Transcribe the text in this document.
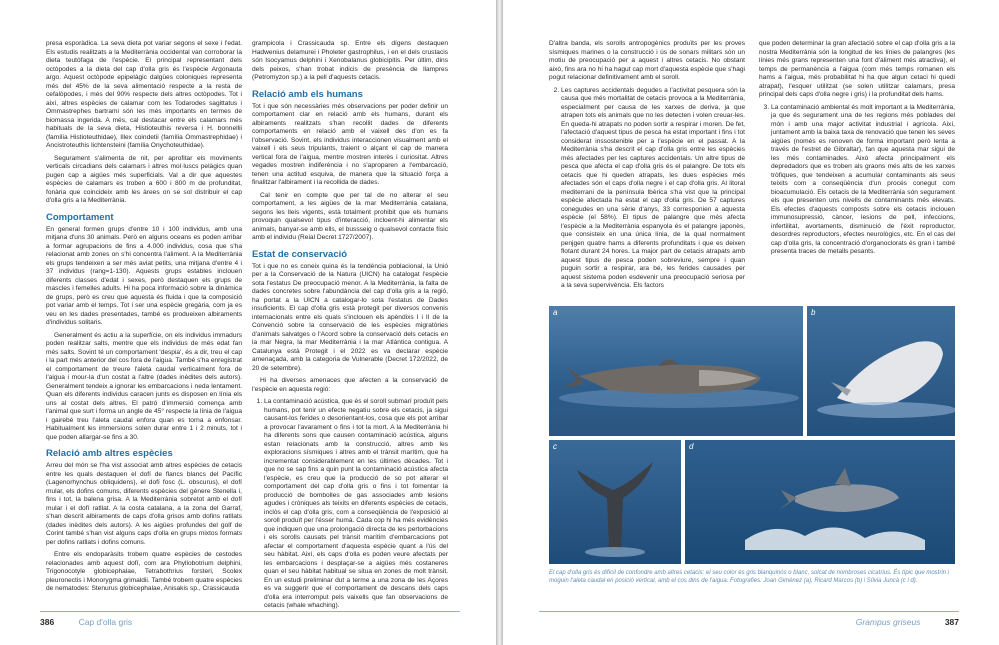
presa esporàdica. La seva dieta pot variar segons el sexe i l'edat. Els estudis realitzats a la Mediterrània occidental van corroborar la dieta teutòfaga de l'espècie. El principal representant dels octòpodes a la dieta del cap d'olla gris és l'espècie Argonauta argo. Aquest octòpode epipelàgic dalgües coloniques representa més del 45% de la seva alimentació respecte a la resta de cefalòpodes, i més del 90% respecte dels altres octòpodes. Tot i així, altres espècies de calamar com les Todarodes sagittatus i Ommastrephes bartrami són les més importants en termes de biomassa ingerida. A més, cal destacar entre els calamars més habituals de la seva dieta, Histioteuthis reversa i H. bonnellii (família Histioteuthidae), Illex coindetii (família Ommastrephidae) i Ancistroteuthis lichtensteini (família Onychoteuthidae).

Segurament s'alimenta de nit, per aprofitar els moviments verticals circadians dels calamars i altres mol·luscs pelàgics quan pugen cap a aigües més superficials. Val a dir que aquestes espècies de calamars es troben a 600 i 800 m de profunditat, fonària que coincideix amb les àrees on se sol distribuir el cap d'olla gris a la Mediterrània.

Comportament

En general formen grups d'entre 10 i 100 individus, amb una mitjana d'uns 30 animals. Però en alguns oceans es poden arribar a formar agrupacions de fins a 4.000 individus, cosa que s'ha relacionat amb zones on s'hi concentra l'aliment. A la Mediterrània els grups tendeixen a ser més aviat petits, una mitjana d'entre 4 i 37 individus (rang=1-130). Aquests grups estables inclouen diferents classes d'edat i sexes, però destaquen els grups de mascles i femelles adults. Hi ha poca informació sobre la dinàmica de grups, però es creu que aquesta és fluida i que la composició pot variar amb el temps. Tot i ser una espècie gregària, com ja es veu en les dades presentades, també es produeixen albiraments d'individus solitaris.

Generalment és actiu a la superfície, on els individus immadurs poden realitzar salts, mentre que els individus de més edat fan més salts. Sovint té un comportament 'despia', és a dir, treu el cap i la part més anterior del cos fora de l'aigua. També s'ha enregistrat el comportament de treure l'aleta caudal verticalment fora de l'aigua i mour-la d'un costat a l'altre (dades inèdites dels autors). Generalment tendeix a ignorar les embarcacions i neda lentament. Quan els diferents individus caracen junts es disposen en línia els uns al costat dels altres. El patró d'immersió comença amb l'animal que surt i forma un angle de 45° respecte la línia de l'aigua i gairebé treu l'aleta caudal enfora quan es torna a enfonsar. Habitualment les immersions solen durar entre 1 i 2 minuts, tot i que poden allargar-se fins a 30.

Relació amb altres espècies

Arreu del món se l'ha vist associat amb altres espècies de cetacis entre les quals destaquen el dofí de flancs blancs del Pacífic (Lagenorhynchus obliquidens), el dofí fosc (L. obscurus), el dofí mular, els dofins comuns, diferents espècies del gènere Stenella i, fins i tot, la balena grisa. A la Mediterrània sobretot amb el dofí mular i el dofí ratllat. A la costa catalana, a la zona del Garraf, s'han descrit albiraments de caps d'olla grisos amb dofins ratllats (dades inèdites dels autors). A les aigües profundes del golf de Corint també s'han vist alguns caps d'olla en grups mixtos formats per dofins ratllats i dofins comuns.

Entre els endoparàsits trobem quatre espècies de cestodes relacionades amb aquest dofí, com ara Phyllobotrium delphini, Trigonocotyle globicephalae, Tetrabothrius forsteri, Scolex pleuronectis i Monorygma grimaldii. També trobem quatre espècies de nematodes: Stenurus globicephalae, Anisakis sp., Crassicauda

grampicola i Crassicauda sp. Entre els dígens destaquen Hadwenius delamurei i Pholeter gastrophilus, i en el dels crustacis són Isocyamus delphini i Xenobalanus globicipitis. Per últim, dins dels peixos, s'han trobat indicis de presència de llampres (Petromyzon sp.) a la pell d'aquests cetacis.

Relació amb els humans

Tot i que són necessàries més observacions per poder definir un comportament clar en relació amb els humans, durant els albiraments realitzats s'han recollit dades de diferents comportaments en relació amb el vaixell des d'on es fa l'observació. Sovint, els individus interaccionen visualment amb el vaixell i els seus tripulants, traient o alçant el cap de manera vertical fora de l'aigua, mentre mostren interès i curiositat. Altres vegades mostren indiferència i no s'aproparen a l'embarcació, tenen una actitud esquiva, de manera que la situació força a finalitzar l'albirament i la recollida de dades.

Cal tenir en compte que per tal de no alterar el seu comportament, a les aigües de la mar Mediterrània catalana, segons les lleis vigents, està totalment prohibit que els humans provoquin qualsevol tipus d'interacció, incloent-hi alimentar els animals, banyar-se amb ells, el bussseig o qualsevol contacte físic amb el individu (Reial Decret 1727/2007).

Estat de conservació

Tot i que no es coneix quina és la tendència poblacional, la Unió per a la Conservació de la Natura (UICN) ha catalogat l'espècie sota l'estatus De preocupació menor. A la Mediterrània, la falta de dades concretes sobre l'abundància del cap d'olla gris a la regió, ha portat a la UICN a catalogar-lo sota l'estatus de Dades insuficients. El cap d'olla gris està protegit per diversos convenis internacionals entre els quals s'inclouen els apèndixs I i II de la Convenció sobre la conservació de les espècies migratòries d'animals salvatges o l'Acord sobre la conservació dels cetacis en la mar Negra, la mar Mediterrània i la mar Atlàntica contigua. A Catalunya està Protegit i el 2022 es va declarar espècie amenaçada, amb la categoria de Vulnerable (Decret 172/2022, de 20 de setembre).

Hi ha diverses amenaces que afecten a la conservació de l'espècie en aquesta regió:

1. La contaminació acústica, que és el soroll submarí produït pels humans, pot tenir un efecte negatiu sobre els cetacis, ja sigui causant-los ferides o desorientant-los, cosa que els pot arribar a provocar l'avarament o fins i tot la mort. A la Mediterrània hi ha diferents sons que causen contaminació acústica, alguns estan relacionats amb la construcció, altres amb les exploracions sísmiques i altres amb el trànsit marítim, que ha incrementat considerablement en les últimes dècades. Tot i que no se sap fins a quin punt la contaminació acústica afecta l'espècie, es creu que la producció de so pot alterar el comportament del cap d'olla gris o fins i tot fomentar la producció de bombolles de gas associades amb lesions agudes i cròniques als teixits en diferents espècies de cetacis, inclòs el cap d'olla gris, com a conseqüència de l'exposició al soroll produït per l'ésser humà. Cada cop hi ha més evidències que indiquen que una prolongació directa de les pertorbacions i els sorolls causats pel trànsit marítim d'embarcacions pot afectar el comportament d'aquesta espècie quant a l'ús del seu hàbitat. Així, els caps d'olla es poden veure afectats per les embarcacions i desplaçar-se a aigües més costaneres quan el seu hàbitat habitual se situa en zones de molt trànsit. En un estudi preliminar dut a terme a una zona de les Açores es va suggerir que el comportament de descans dels caps d'olla era interromput pels vaixells que fan observacions de cetacis (whale whaching).
386	Cap d'olla gris

D'altra banda, els sorolls antropogènics produïts per les proves sísmiques marines o la construcció i ús de sonars militars són un motiu de preocupació per a aquest i altres cetacis. No obstant això, fins ara no hi ha hagut cap mort d'aquesta espècie que s'hagi pogut relacionar definitivament amb el soroll.

2. Les captures accidentals degudes a l'activitat pesquera són la causa que més mortalitat de cetacis provoca a la Mediterrània, especialment per causa de les xarxes de deriva, ja que atrapen tots els animals que no les detecten i volen creuar-les. En queda-hi atrapats no poden sortir a respirar i moren. De fet, l'afectació d'aquest tipus de pesca ha estat important i fins i tot considerat inssostenible per a l'espècie en el passat. A la Mediterrània s'ha descrit el cap d'olla gris entre les espècies més afectades per les captures accidentals. Un altre tipus de pesca que afecta el cap d'olla gris és el palangre. De tots els cetacis que hi queden atrapats, les dues espècies més afectades són el caps d'olla negre i el cap d'olla gris. Al litoral mediterrani de la península Ibèrica s'ha vist que la principal espècie afectada ha estat el cap d'olla gris. De 57 captures conegudes en una sèrie d'anys, 33 corresponien a aquesta espècie (el 58%). El tipus de palangre que més afecta l'espècie a la Mediterrània espanyola és el palangre japonès, que consisteix en una única línia, de la qual normalment penjgen quatre hams a diferents profunditats i que es deixen flotant durant 24 hores. La major part de cetacis atrapats amb aquest tipus de pesca poden sobreviure, sempre i quan puguin sortir a respirar, ara bé, les ferides causades per aquest sistema poden esdevenir una preocupació seriosa per a la seva supervivència. Els factors

que poden determinar la gran afectació sobre el cap d'olla gris a la nostra Mediterrània són la longitud de les línies de palangres (les línies més grans representen una font d'aliment més atractiva), el temps de permanència a l'aigua (com més temps romanen els hams a l'aigua, més probabilitat hi ha que algun cetaci hi quedi atrapat), l'esquer utilitzat (se solen utilitzar calamars, presa principal dels caps d'olla negre i gris) i la profunditat dels hams.

3. La contaminació ambiental és molt important a la Mediterrània, ja que és segurament una de les regions més poblades del món i amb una major activitat industrial i agrícola. Així, juntament amb la baixa taxa de renovació que tenen les seves aigües (només es renoven de forma important però lenta a través de l'estret de Gibraltar), fan que aquesta mar sigui de les més contaminades. Això afecta principalment els depredadors que es troben als graons més alts de les xarxes tròfiques, que tendeixen a acumular contaminants als seus teixits com a conseqüència d'un procés conegut com bioacumulació. Els cetacis de la Mediterrània són segurament els que presenten uns nivells de contaminants més elevats. Els efectes d'aquests composts sobre els cetacis inclouen immunosupressió, càncer, lesions de pell, infeccions, infertilitat, avortaments, disminució de l'èxit reproductor, desordres reproductors, efectes neurològics, etc. En el cas del cap d'olla gris, la concentració d'organoclorats és gran i també presenta traces de metalls pesants.
a	b
c	d
El cap d'olla gris és difícil de confondre amb altres cetacis: el seu color és gris blanquinós o blanc, solcat de nombroses cicatrius. És típic que mostrin i moguin l'aleta caudal en posició vertical, amb el cos dins de l'aigua. Fotografies: Joan Giménez (a), Ricard Marcos (b) i Sílvia Juncà (c i d).
Grampus griseus	387
